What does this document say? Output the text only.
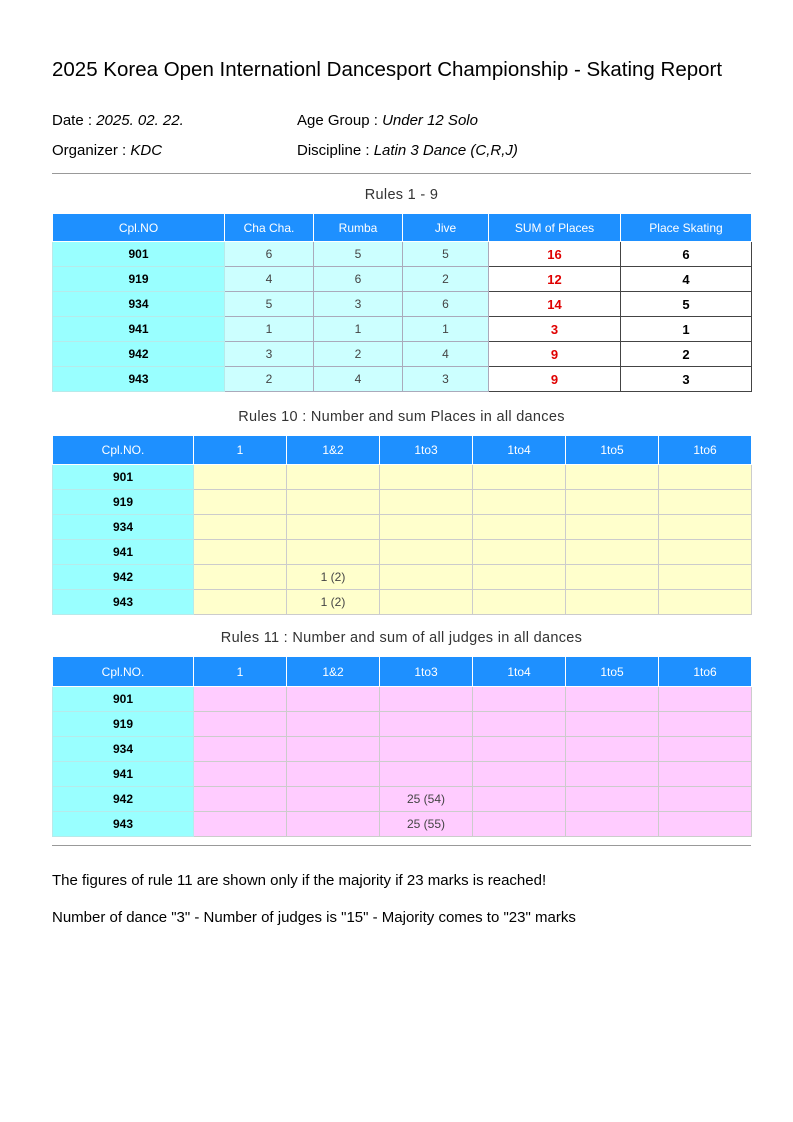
2025 Korea Open Internationl Dancesport Championship - Skating Report
Date : 2025. 02. 22.	Age Group : Under 12 Solo
Organizer : KDC	Discipline : Latin 3 Dance (C,R,J)
Rules 1 - 9
Cpl.NO	Cha Cha.	Rumba	Jive	SUM of Places	Place Skating
901	6	5	5	16	6
919	4	6	2	12	4
934	5	3	6	14	5
941	1	1	1	3	1
942	3	2	4	9	2
943	2	4	3	9	3
Rules 10 : Number and sum Places in all dances
Cpl.NO.	1	1&2	1to3	1to4	1to5	1to6
901						
919						
934						
941						
942		1 (2)				
943		1 (2)				
Rules 11 : Number and sum of all judges in all dances
Cpl.NO.	1	1&2	1to3	1to4	1to5	1to6
901						
919						
934						
941						
942			25 (54)			
943			25 (55)			
The figures of rule 11 are shown only if the majority if 23 marks is reached!
Number of dance "3" - Number of judges is "15" - Majority comes to "23" marks
